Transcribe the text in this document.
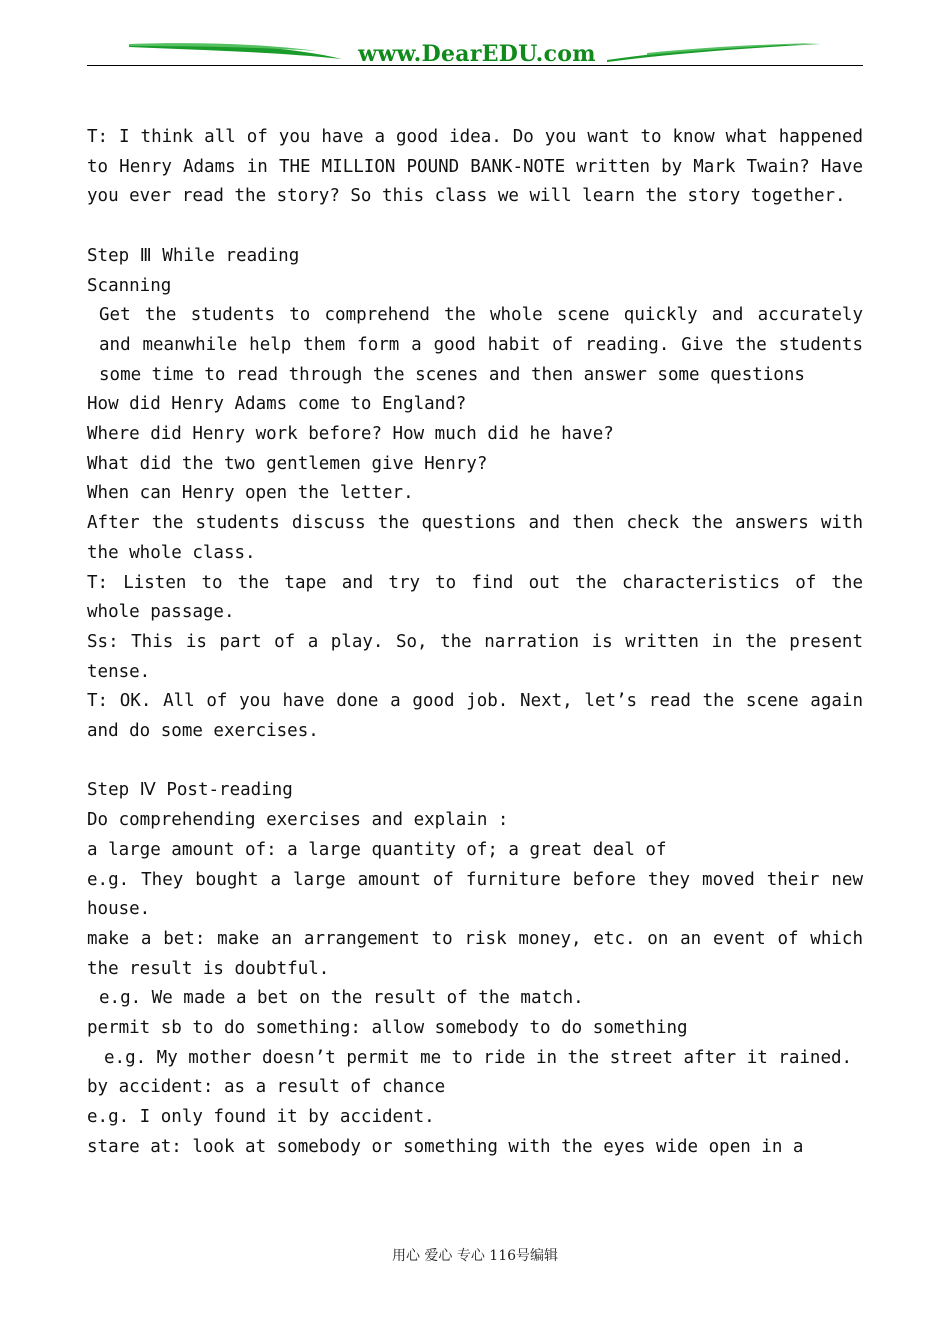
www.DearEDU.com

T: I think all of you have a good idea. Do you want to know what happened to Henry Adams in THE MILLION POUND BANK-NOTE written by Mark Twain? Have you ever read the story? So this class we will learn the story together.

Step Ⅲ While reading

Scanning

Get the students to comprehend the whole scene quickly and accurately and meanwhile help them form a good habit of reading. Give the students some time to read through the scenes and then answer some questions

How did Henry Adams come to England?

Where did Henry work before? How much did he have?

What did the two gentlemen give Henry?

When can Henry open the letter.

After the students discuss the questions and then check the answers with the whole class.

T: Listen to the tape and try to find out the characteristics of the whole passage.

Ss: This is part of a play. So, the narration is written in the present tense.

T: OK. All of you have done a good job. Next, let’s read the scene again and do some exercises.

Step Ⅳ Post-reading

Do comprehending exercises and explain :

a large amount of: a large quantity of; a great deal of

e.g. They bought a large amount of furniture before they moved their new house.

make a bet: make an arrangement to risk money, etc. on an event of which the result is doubtful.

e.g. We made a bet on the result of the match.

permit sb to do something: allow somebody to do something

e.g. My mother doesn’t permit me to ride in the street after it rained.

by accident: as a result of chance

e.g. I only found it by accident.

stare at: look at somebody or something with the eyes wide open in a

用心 爱心 专心 116号编辑
